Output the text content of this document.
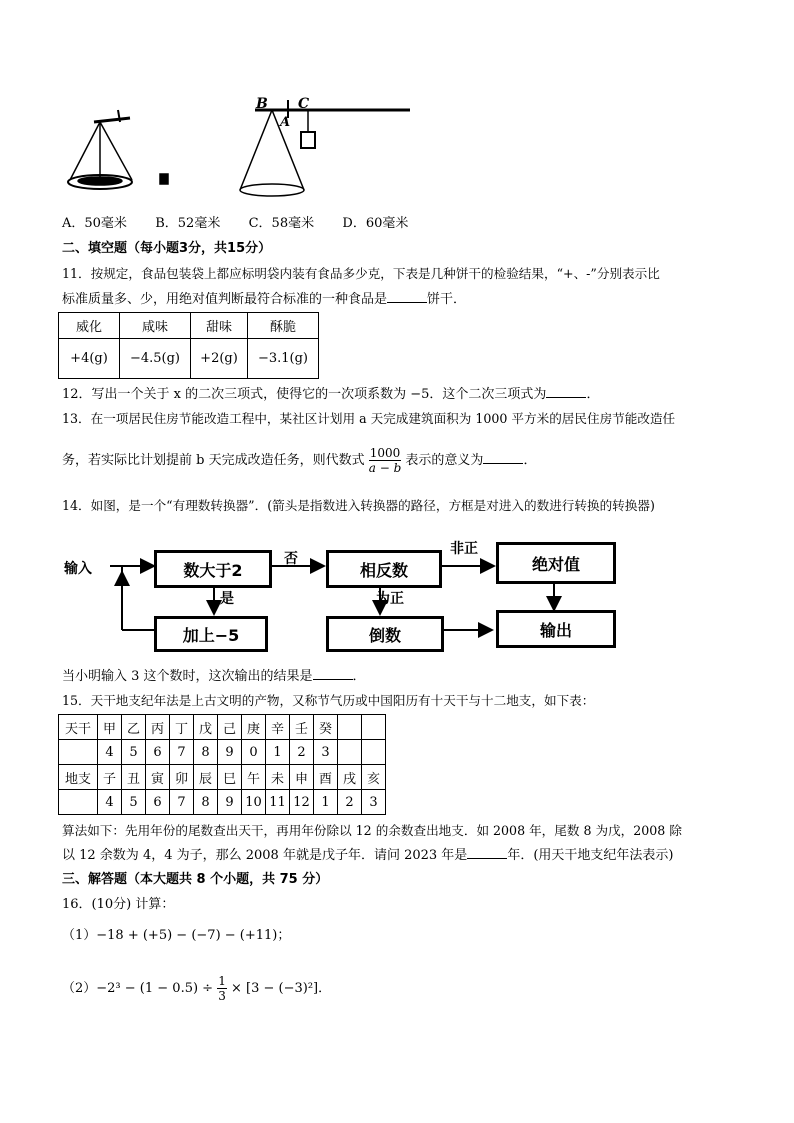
B C
A
A．50毫米 B．52毫米 C．58毫米 D．60毫米
二、填空题（每小题3分，共15分）
11．按规定，食品包装袋上都应标明袋内装有食品多少克，下表是几种饼干的检验结果，“+、-”分别表示比
标准质量多、少，用绝对值判断最符合标准的一种食品是	饼干．
威化	咸味	甜味	酥脆
+4(g)	−4.5(g)	+2(g)	−3.1(g)
12．写出一个关于 x 的二次三项式，使得它的一次项系数为 −5．这个二次三项式为	．
13．在一项居民住房节能改造工程中，某社区计划用 a 天完成建筑面积为 1000 平方米的居民住房节能改造任
务，若实际比计划提前 b 天完成改造任务，则代数式 $\frac{1000}{a - b}$ 表示的意义为	．
14．如图，是一个“有理数转换器”．(箭头是指数进入转换器的路径，方框是对进入的数进行转换的转换器)
输入	数大于2
否
相反数
非正
绝对值
是
加上−5
为正
倒数	输出
当小明输入 3 这个数时，这次输出的结果是	．
15．天干地支纪年法是上古文明的产物，又称节气历或中国阳历有十天干与十二地支，如下表：
天干	甲	乙	丙	丁	戊	己	庚	辛	壬	癸		
	4	5	6	7	8	9	0	1	2	3		
地支	子	丑	寅	卯	辰	巳	午	未	申	酉	戌	亥
	4	5	6	7	8	9	10	11	12	1	2	3
算法如下：先用年份的尾数查出天干，再用年份除以 12 的余数查出地支．如 2008 年，尾数 8 为戊，2008 除
以 12 余数为 4，4 为子，那么 2008 年就是戊子年．请问 2023 年是	年．(用天干地支纪年法表示)
三、解答题（本大题共 8 个小题，共 75 分）
16．(10分) 计算：
（1）−18 + (+5) − (−7) − (+11)；
$(2)-2^3 - (1 - 0.5) \div \frac{1}{3} \times [3 - (-3)^2]$．
